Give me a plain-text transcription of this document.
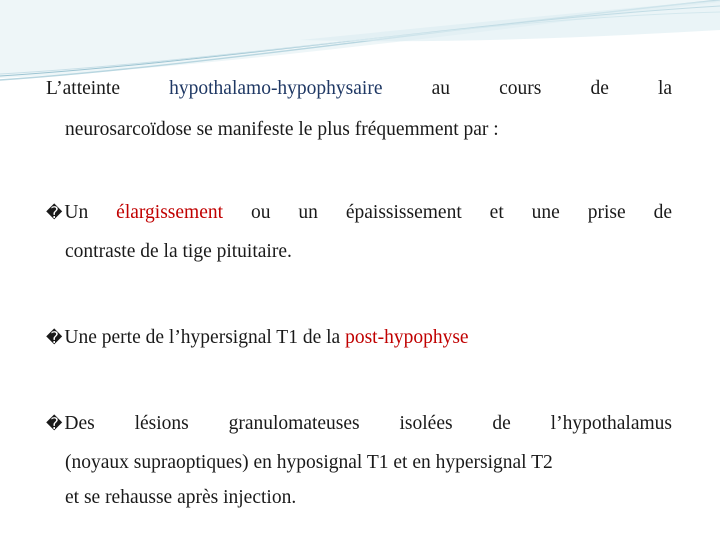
L’atteinte	hypothalamo-hypophysaire	au cours de la
neurosarcoïdose se manifeste le plus fréquemment par :
� Un élargissement ou un épaississement et une prise de
contraste de la tige pituitaire.
� Une perte de l’hypersignal T1 de la post-hypophyse
� Des lésions granulomateuses isolées de l’hypothalamus
(noyaux supraoptiques) en hyposignal T1 et en hypersignal T2
et se rehausse après injection.
